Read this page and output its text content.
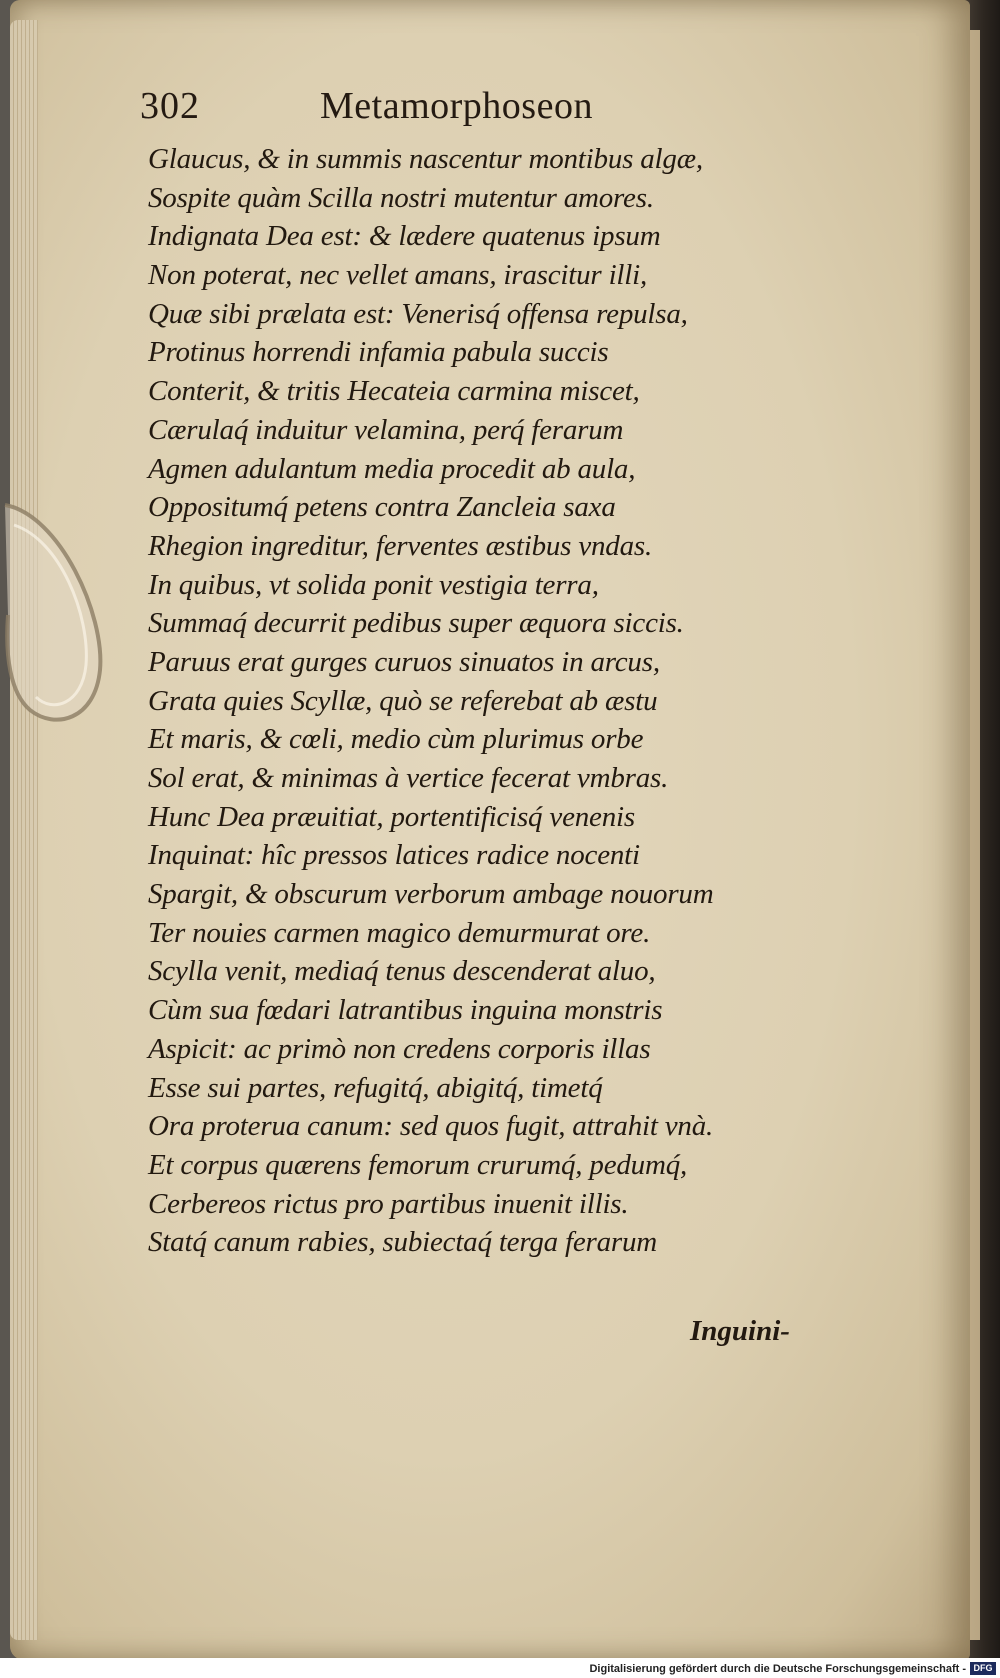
302	Metamorphoseon
Glaucus, & in summis nascentur montibus algæ,
Sospite quàm Scilla nostri mutentur amores.
Indignata Dea est: & lædere quatenus ipsum
Non poterat, nec vellet amans, irascitur illi,
Quæ sibi prælata est: Venerisq́ offensa repulsa,
Protinus horrendi infamia pabula succis
Conterit, & tritis Hecateia carmina miscet,
Cærulaq́ induitur velamina, perq́ ferarum
Agmen adulantum media procedit ab aula,
Oppositumq́ petens contra Zancleia saxa
Rhegion ingreditur, ferventes æstibus vndas.
In quibus, vt solida ponit vestigia terra,
Summaq́ decurrit pedibus super æquora siccis.
Paruus erat gurges curuos sinuatos in arcus,
Grata quies Scyllæ, quò se referebat ab æstu
Et maris, & cœli, medio cùm plurimus orbe
Sol erat, & minimas à vertice fecerat vmbras.
Hunc Dea præuitiat, portentificisq́ venenis
Inquinat: hîc pressos latices radice nocenti
Spargit, & obscurum verborum ambage nouorum
Ter nouies carmen magico demurmurat ore.
Scylla venit, mediaq́ tenus descenderat aluo,
Cùm sua fœdari latrantibus inguina monstris
Aspicit: ac primò non credens corporis illas
Esse sui partes, refugitq́, abigitq́, timetq́
Ora proterua canum: sed quos fugit, attrahit vnà.
Et corpus quærens femorum crurumq́, pedumq́,
Cerbereos rictus pro partibus inuenit illis.
Statq́ canum rabies, subiectaq́ terga ferarum
Inguini-
Digitalisierung gefördert durch die Deutsche Forschungsgemeinschaft - DFG
